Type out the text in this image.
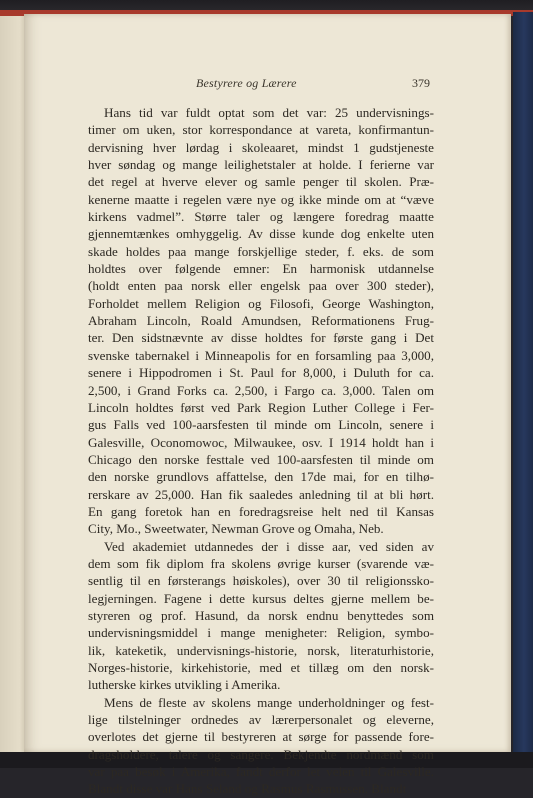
Bestyrere og Lærere	379
Hans tid var fuldt optat som det var: 25 undervisnings-
timer om uken, stor korrespondance at vareta, konfirmantun-
dervisning hver lørdag i skoleaaret, mindst 1 gudstjeneste
hver søndag og mange leilighetstaler at holde. I ferierne var
det regel at hverve elever og samle penger til skolen. Præ-
kenerne maatte i regelen være nye og ikke minde om at “væve
kirkens vadmel”. Større taler og længere foredrag maatte
gjennemtænkes omhyggelig. Av disse kunde dog enkelte uten
skade holdes paa mange forskjellige steder, f. eks. de som
holdtes over følgende emner: En harmonisk utdannelse
(holdt enten paa norsk eller engelsk paa over 300 steder),
Forholdet mellem Religion og Filosofi, George Washington,
Abraham Lincoln, Roald Amundsen, Reformationens Frug-
ter. Den sidstnævnte av disse holdtes for første gang i Det
svenske tabernakel i Minneapolis for en forsamling paa 3,000,
senere i Hippodromen i St. Paul for 8,000, i Duluth for ca.
2,500, i Grand Forks ca. 2,500, i Fargo ca. 3,000. Talen om
Lincoln holdtes først ved Park Region Luther College i Fer-
gus Falls ved 100-aarsfesten til minde om Lincoln, senere i
Galesville, Oconomowoc, Milwaukee, osv. I 1914 holdt han i
Chicago den norske festtale ved 100-aarsfesten til minde om
den norske grundlovs affattelse, den 17de mai, for en tilhø-
rerskare av 25,000. Han fik saaledes anledning til at bli hørt.
En gang foretok han en foredragsreise helt ned til Kansas
City, Mo., Sweetwater, Newman Grove og Omaha, Neb.
Ved akademiet utdannedes der i disse aar, ved siden av
dem som fik diplom fra skolens øvrige kurser (svarende væ-
sentlig til en førsterangs høiskoles), over 30 til religionssko-
legjerningen. Fagene i dette kursus deltes gjerne mellem be-
styreren og prof. Hasund, da norsk endnu benyttedes som
undervisningsmiddel i mange menigheter: Religion, symbo-
lik, kateketik, undervisnings-historie, norsk, literaturhistorie,
Norges-historie, kirkehistorie, med et tillæg om den norsk-
lutherske kirkes utvikling i Amerika.
Mens de fleste av skolens mange underholdninger og fest-
lige tilstelninger ordnedes av lærerpersonalet og eleverne,
overlotes det gjerne til bestyreren at sørge for passende fore-
dragsholdere, talere og sangere. Bekjendte nordmænd som
var paa besøk i Amerika, fandt derfor let veien til Galesville.
Blandt disse var Hans Seland og Rasmus Rasmussen. Blandt
